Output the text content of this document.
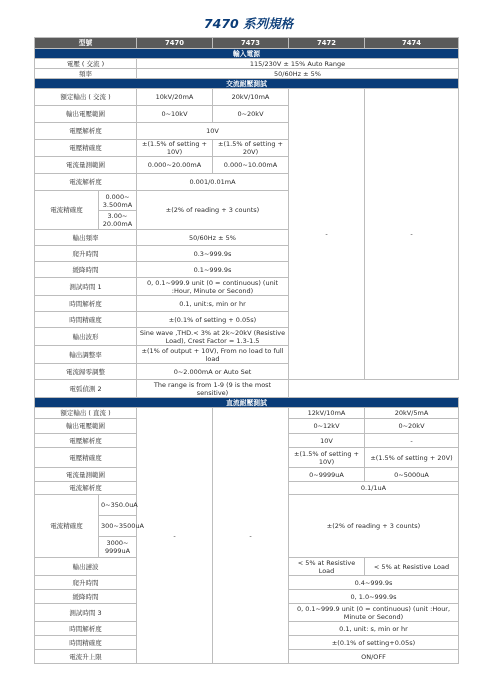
7470 系列規格
型號		7470	7473	7472	7474
輸入電源					
電壓 ( 交流 )		115/230V ± 15% Auto Range			
頻率		50/60Hz ± 5%			
交流耐壓測試					
額定輸出 ( 交流 )		10kV/20mA	20kV/10mA	-	-
輸出電壓範圍		0~10kV	0~20kV		
電壓解析度		10V			
電壓精確度		±(1.5% of setting + 10V)	±(1.5% of setting + 20V)		
電流量測範圍		0.000~20.00mA	0.000~10.00mA		
電流解析度		0.001/0.01mA			
電流精確度	0.000~ 3.500mA	±(2% of reading + 3 counts)			
	3.00~ 20.00mA				
輸出頻率		50/60Hz ± 5%			
爬升時間		0.3~999.9s			
緩降時間		0.1~999.9s			
測試時間 1		0, 0.1~999.9 unit (0 = continuous) (unit :Hour, Minute or Second)			
時間解析度		0.1, unit:s, min or hr			
時間精確度		±(0.1% of setting + 0.05s)			
輸出波形		Sine wave ,THD.< 3% at 2k~20kV (Resistive Load), Crest Factor = 1.3-1.5			
輸出調整率		±(1% of output + 10V), From no load to full load			
電流歸零調整		0~2.000mA or Auto Set			
電弧偵測 2		The range is from 1-9 (9 is the most sensitive)			
直流耐壓測試					
額定輸出 ( 直流 )		-	-	12kV/10mA	20kV/5mA
輸出電壓範圍				0~12kV	0~20kV
電壓解析度				10V	-
電壓精確度				±(1.5% of setting + 10V)	±(1.5% of setting + 20V)
電流量測範圍				0~9999uA	0~5000uA
電流解析度				0.1/1uA	
電流精確度	0~350.0uA			±(2% of reading + 3 counts)	
	300~3500uA				
	3000~ 9999uA				
輸出漣波				< 5% at Resistive Load	< 5% at Resistive Load
爬升時間				0.4~999.9s	
緩降時間				0, 1.0~999.9s	
測試時間 3				0, 0.1~999.9 unit (0 = continuous) (unit :Hour, Minute or Second)	
時間解析度				0.1, unit: s, min or hr	
時間精確度				±(0.1% of setting+0.05s)	
電流升上限				ON/OFF	
